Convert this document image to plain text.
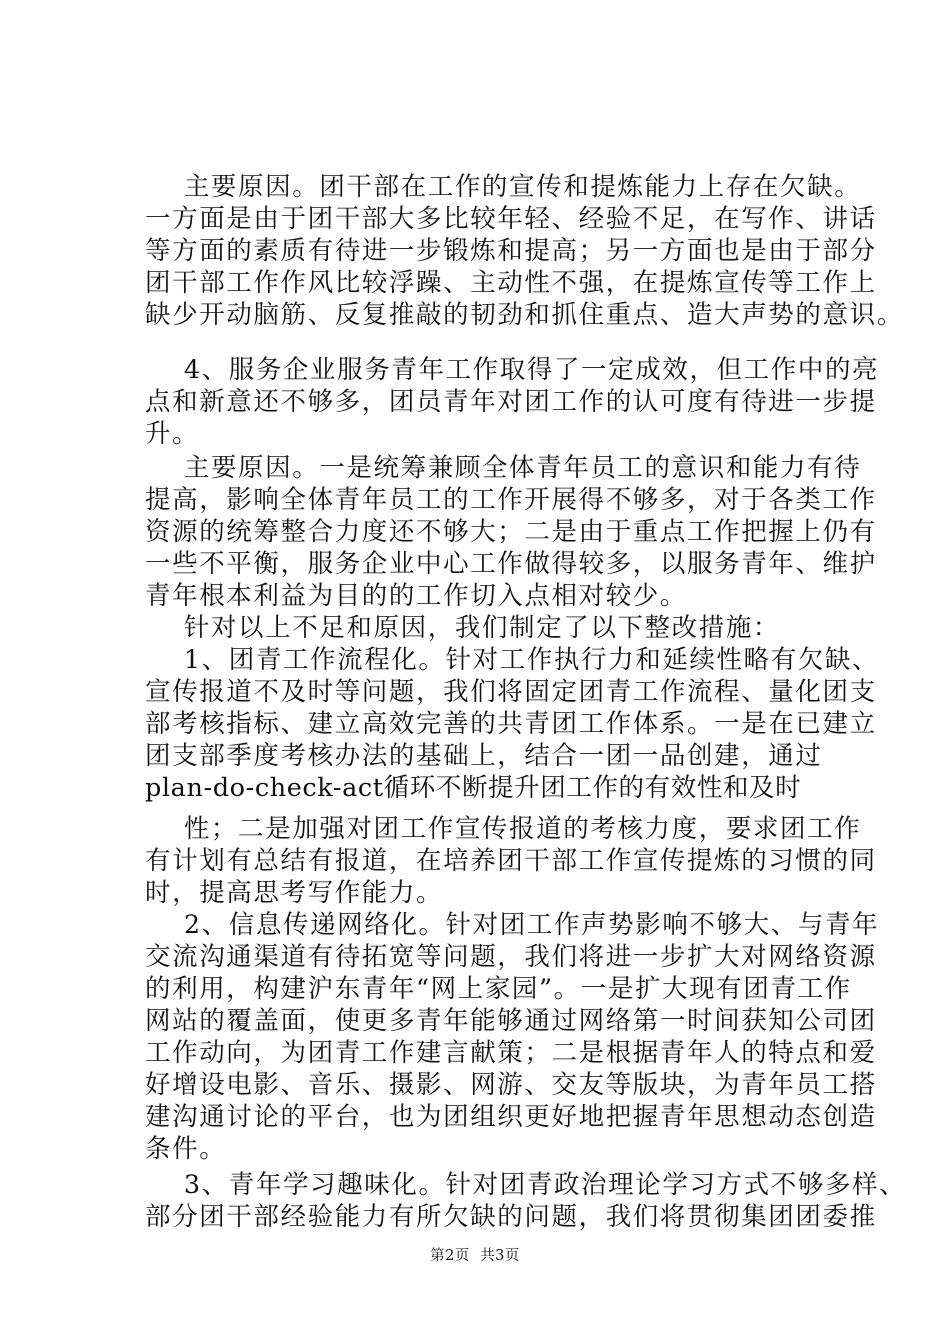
主要原因。团干部在工作的宣传和提炼能力上存在欠缺。
一方面是由于团干部大多比较年轻、经验不足，在写作、讲话
等方面的素质有待进一步锻炼和提高；另一方面也是由于部分
团干部工作作风比较浮躁、主动性不强，在提炼宣传等工作上
缺少开动脑筋、反复推敲的韧劲和抓住重点、造大声势的意识。
4、服务企业服务青年工作取得了一定成效，但工作中的亮
点和新意还不够多，团员青年对团工作的认可度有待进一步提
升。
主要原因。一是统筹兼顾全体青年员工的意识和能力有待
提高，影响全体青年员工的工作开展得不够多，对于各类工作
资源的统筹整合力度还不够大；二是由于重点工作把握上仍有
一些不平衡，服务企业中心工作做得较多，以服务青年、维护
青年根本利益为目的的工作切入点相对较少。
针对以上不足和原因，我们制定了以下整改措施：
1、团青工作流程化。针对工作执行力和延续性略有欠缺、
宣传报道不及时等问题，我们将固定团青工作流程、量化团支
部考核指标、建立高效完善的共青团工作体系。一是在已建立
团支部季度考核办法的基础上，结合一团一品创建，通过
plan-do-check-act循环不断提升团工作的有效性和及时
性；二是加强对团工作宣传报道的考核力度，要求团工作
有计划有总结有报道，在培养团干部工作宣传提炼的习惯的同
时，提高思考写作能力。
2、信息传递网络化。针对团工作声势影响不够大、与青年
交流沟通渠道有待拓宽等问题，我们将进一步扩大对网络资源
的利用，构建沪东青年“网上家园”。一是扩大现有团青工作
网站的覆盖面，使更多青年能够通过网络第一时间获知公司团
工作动向，为团青工作建言献策；二是根据青年人的特点和爱
好增设电影、音乐、摄影、网游、交友等版块，为青年员工搭
建沟通讨论的平台，也为团组织更好地把握青年思想动态创造
条件。
3、青年学习趣味化。针对团青政治理论学习方式不够多样、
部分团干部经验能力有所欠缺的问题，我们将贯彻集团团委推
第2页  共3页
